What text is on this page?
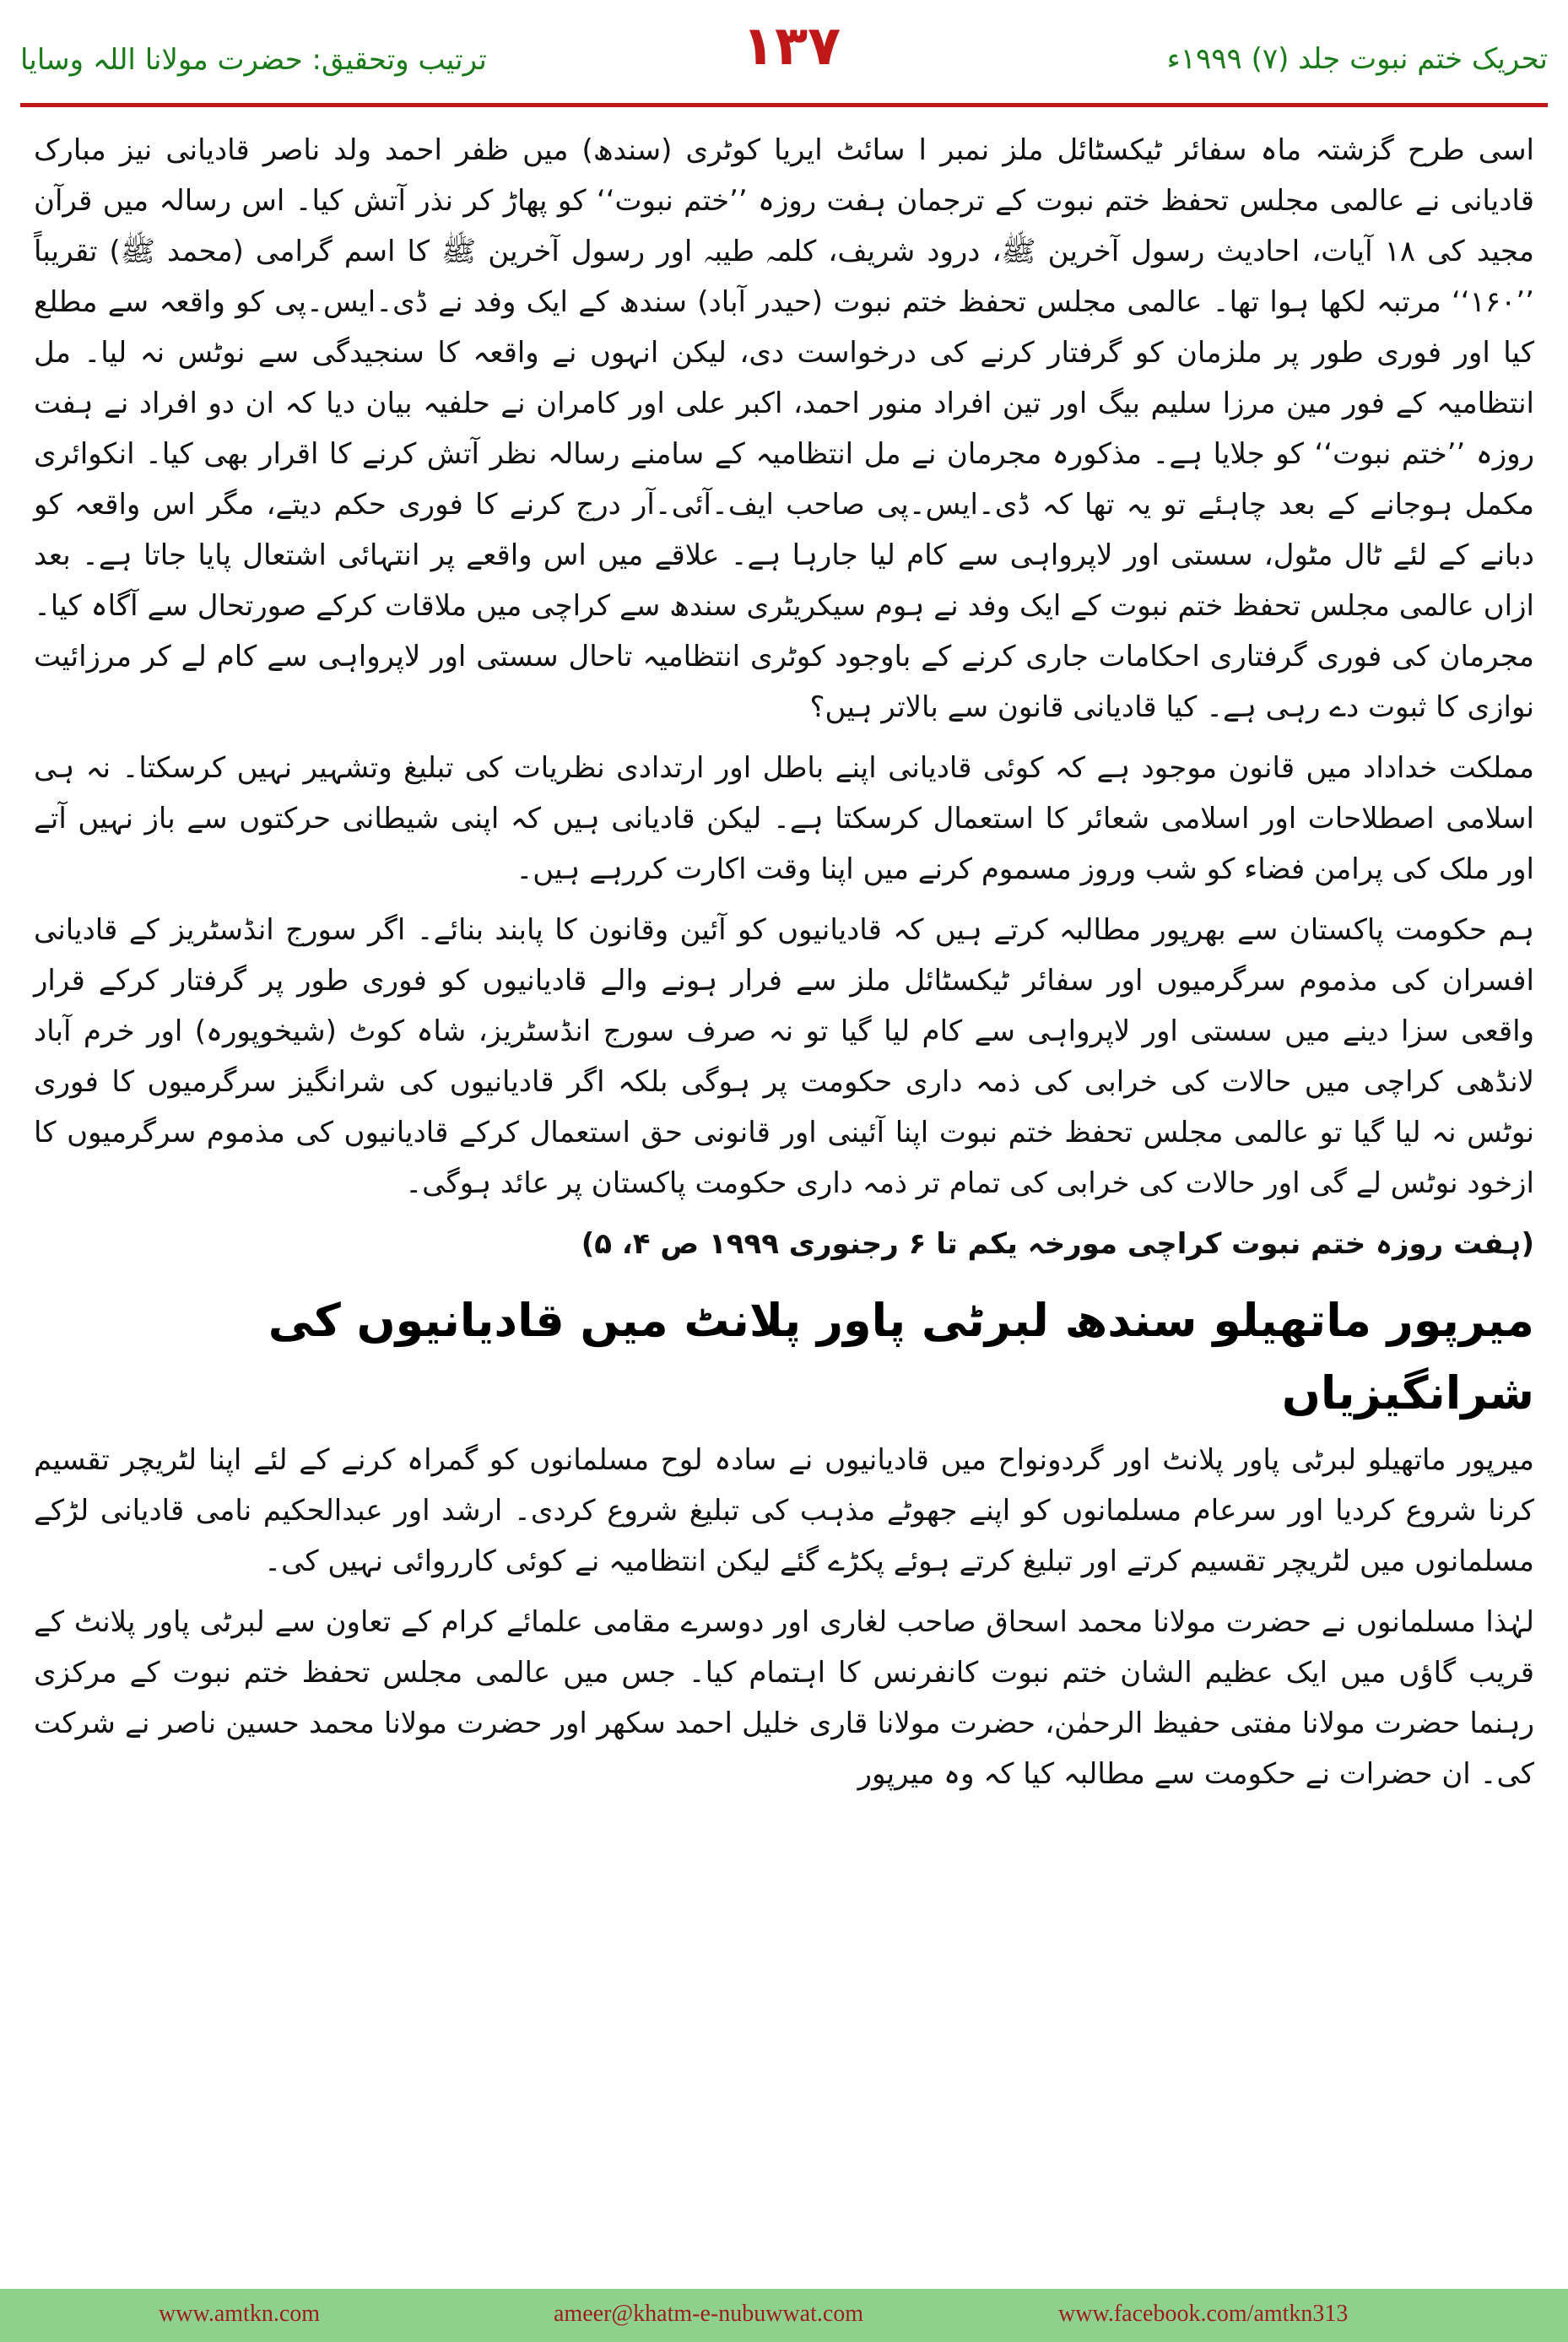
ترتیب وتحقیق: حضرت مولانا اللہ وسایا	۱۳۷	تحریک ختم نبوت جلد (۷) ۱۹۹۹ء

اسی طرح گزشتہ ماہ سفائر ٹیکسٹائل ملز نمبر ا سائٹ ایریا کوٹری (سندھ) میں ظفر احمد ولد ناصر قادیانی نیز مبارک قادیانی نے عالمی مجلس تحفظ ختم نبوت کے ترجمان ہفت روزہ ’’ختم نبوت‘‘ کو پھاڑ کر نذر آتش کیا۔ اس رسالہ میں قرآن مجید کی ۱۸ آیات، احادیث رسول آخرین ﷺ، درود شریف، کلمہ طیبہ اور رسول آخرین ﷺ کا اسم گرامی (محمد ﷺ) تقریباً ’’۱۶۰‘‘ مرتبہ لکھا ہوا تھا۔ عالمی مجلس تحفظ ختم نبوت (حیدر آباد) سندھ کے ایک وفد نے ڈی۔ایس۔پی کو واقعہ سے مطلع کیا اور فوری طور پر ملزمان کو گرفتار کرنے کی درخواست دی، لیکن انہوں نے واقعہ کا سنجیدگی سے نوٹس نہ لیا۔ مل انتظامیہ کے فور مین مرزا سلیم بیگ اور تین افراد منور احمد، اکبر علی اور کامران نے حلفیہ بیان دیا کہ ان دو افراد نے ہفت روزہ ’’ختم نبوت‘‘ کو جلایا ہے۔ مذکورہ مجرمان نے مل انتظامیہ کے سامنے رسالہ نظر آتش کرنے کا اقرار بھی کیا۔ انکوائری مکمل ہوجانے کے بعد چاہئے تو یہ تھا کہ ڈی۔ایس۔پی صاحب ایف۔آئی۔آر درج کرنے کا فوری حکم دیتے، مگر اس واقعہ کو دبانے کے لئے ٹال مٹول، سستی اور لاپرواہی سے کام لیا جارہا ہے۔ علاقے میں اس واقعے پر انتہائی اشتعال پایا جاتا ہے۔ بعد ازاں عالمی مجلس تحفظ ختم نبوت کے ایک وفد نے ہوم سیکریٹری سندھ سے کراچی میں ملاقات کرکے صورتحال سے آگاہ کیا۔ مجرمان کی فوری گرفتاری احکامات جاری کرنے کے باوجود کوٹری انتظامیہ تاحال سستی اور لاپرواہی سے کام لے کر مرزائیت نوازی کا ثبوت دے رہی ہے۔ کیا قادیانی قانون سے بالاتر ہیں؟

مملکت خداداد میں قانون موجود ہے کہ کوئی قادیانی اپنے باطل اور ارتدادی نظریات کی تبلیغ وتشہیر نہیں کرسکتا۔ نہ ہی اسلامی اصطلاحات اور اسلامی شعائر کا استعمال کرسکتا ہے۔ لیکن قادیانی ہیں کہ اپنی شیطانی حرکتوں سے باز نہیں آتے اور ملک کی پرامن فضاء کو شب وروز مسموم کرنے میں اپنا وقت اکارت کررہے ہیں۔

ہم حکومت پاکستان سے بھرپور مطالبہ کرتے ہیں کہ قادیانیوں کو آئین وقانون کا پابند بنائے۔ اگر سورج انڈسٹریز کے قادیانی افسران کی مذموم سرگرمیوں اور سفائر ٹیکسٹائل ملز سے فرار ہونے والے قادیانیوں کو فوری طور پر گرفتار کرکے قرار واقعی سزا دینے میں سستی اور لاپرواہی سے کام لیا گیا تو نہ صرف سورج انڈسٹریز، شاہ کوٹ (شیخوپورہ) اور خرم آباد لانڈھی کراچی میں حالات کی خرابی کی ذمہ داری حکومت پر ہوگی بلکہ اگر قادیانیوں کی شرانگیز سرگرمیوں کا فوری نوٹس نہ لیا گیا تو عالمی مجلس تحفظ ختم نبوت اپنا آئینی اور قانونی حق استعمال کرکے قادیانیوں کی مذموم سرگرمیوں کا ازخود نوٹس لے گی اور حالات کی خرابی کی تمام تر ذمہ داری حکومت پاکستان پر عائد ہوگی۔

(ہفت روزہ ختم نبوت کراچی مورخہ یکم تا ۶ رجنوری ۱۹۹۹ ص ۴، ۵)
میرپور ماتھیلو سندھ لبرٹی پاور پلانٹ میں قادیانیوں کی شرانگیزیاں

میرپور ماتھیلو لبرٹی پاور پلانٹ اور گردونواح میں قادیانیوں نے سادہ لوح مسلمانوں کو گمراہ کرنے کے لئے اپنا لٹریچر تقسیم کرنا شروع کردیا اور سرعام مسلمانوں کو اپنے جھوٹے مذہب کی تبلیغ شروع کردی۔ ارشد اور عبدالحکیم نامی قادیانی لڑکے مسلمانوں میں لٹریچر تقسیم کرتے اور تبلیغ کرتے ہوئے پکڑے گئے لیکن انتظامیہ نے کوئی کارروائی نہیں کی۔

لہٰذا مسلمانوں نے حضرت مولانا محمد اسحاق صاحب لغاری اور دوسرے مقامی علمائے کرام کے تعاون سے لبرٹی پاور پلانٹ کے قریب گاؤں میں ایک عظیم الشان ختم نبوت کانفرنس کا اہتمام کیا۔ جس میں عالمی مجلس تحفظ ختم نبوت کے مرکزی رہنما حضرت مولانا مفتی حفیظ الرحمٰن، حضرت مولانا قاری خلیل احمد سکھر اور حضرت مولانا محمد حسین ناصر نے شرکت کی۔ ان حضرات نے حکومت سے مطالبہ کیا کہ وہ میرپور

www.amtkn.com	ameer@khatm-e-nubuwwat.com	www.facebook.com/amtkn313
